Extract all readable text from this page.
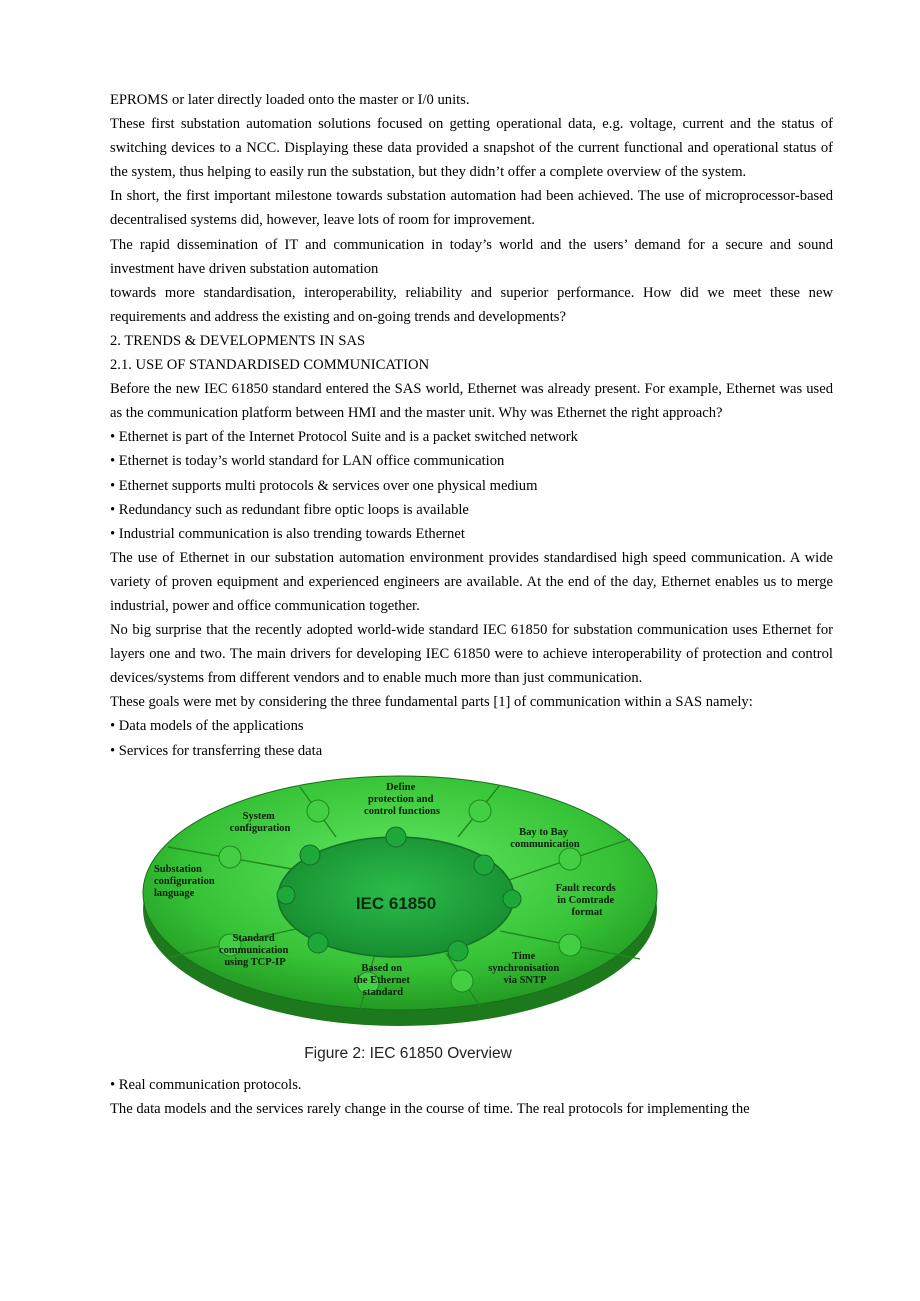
EPROMS or later directly loaded onto the master or I/0 units.

These first substation automation solutions focused on getting operational data, e.g. voltage, current and the status of switching devices to a NCC. Displaying these data provided a snapshot of the current functional and operational status of the system, thus helping to easily run the substation, but they didn’t offer a complete overview of the system.

In short, the first important milestone towards substation automation had been achieved. The use of microprocessor-based decentralised systems did, however, leave lots of room for improvement.

The rapid dissemination of IT and communication in today’s world and the users’ demand for a secure and sound investment have driven substation automation

towards more standardisation, interoperability, reliability and superior performance. How did we meet these new requirements and address the existing and on-going trends and developments?

2. TRENDS & DEVELOPMENTS IN SAS

2.1. USE OF STANDARDISED COMMUNICATION

Before the new IEC 61850 standard entered the SAS world, Ethernet was already present. For example, Ethernet was used as the communication platform between HMI and the master unit. Why was Ethernet the right approach?

• Ethernet is part of the Internet Protocol Suite and is a packet switched network

• Ethernet is today’s world standard for LAN office communication

• Ethernet supports multi protocols & services over one physical medium

• Redundancy such as redundant fibre optic loops is available

• Industrial communication is also trending towards Ethernet

The use of Ethernet in our substation automation environment provides standardised high speed communication. A wide variety of proven equipment and experienced engineers are available. At the end of the day, Ethernet enables us to merge industrial, power and office communication together.

No big surprise that the recently adopted world-wide standard IEC 61850 for substation communication uses Ethernet for layers one and two. The main drivers for developing IEC 61850 were to achieve interoperability of protection and control devices/systems from different vendors and to enable much more than just communication.

These goals were met by considering the three fundamental parts [1] of communication within a SAS namely:

• Data models of the applications

• Services for transferring these data

IEC 61850
Define protection and control functions
System configuration	Bay to Bay communication
Substation configuration language	Fault records in Comtrade format
Standard communication using TCP-IP
Based on the Ethernet standard
Time synchronisation via SNTP
Figure 2: IEC 61850 Overview

• Real communication protocols.

The data models and the services rarely change in the course of time. The real protocols for implementing the
